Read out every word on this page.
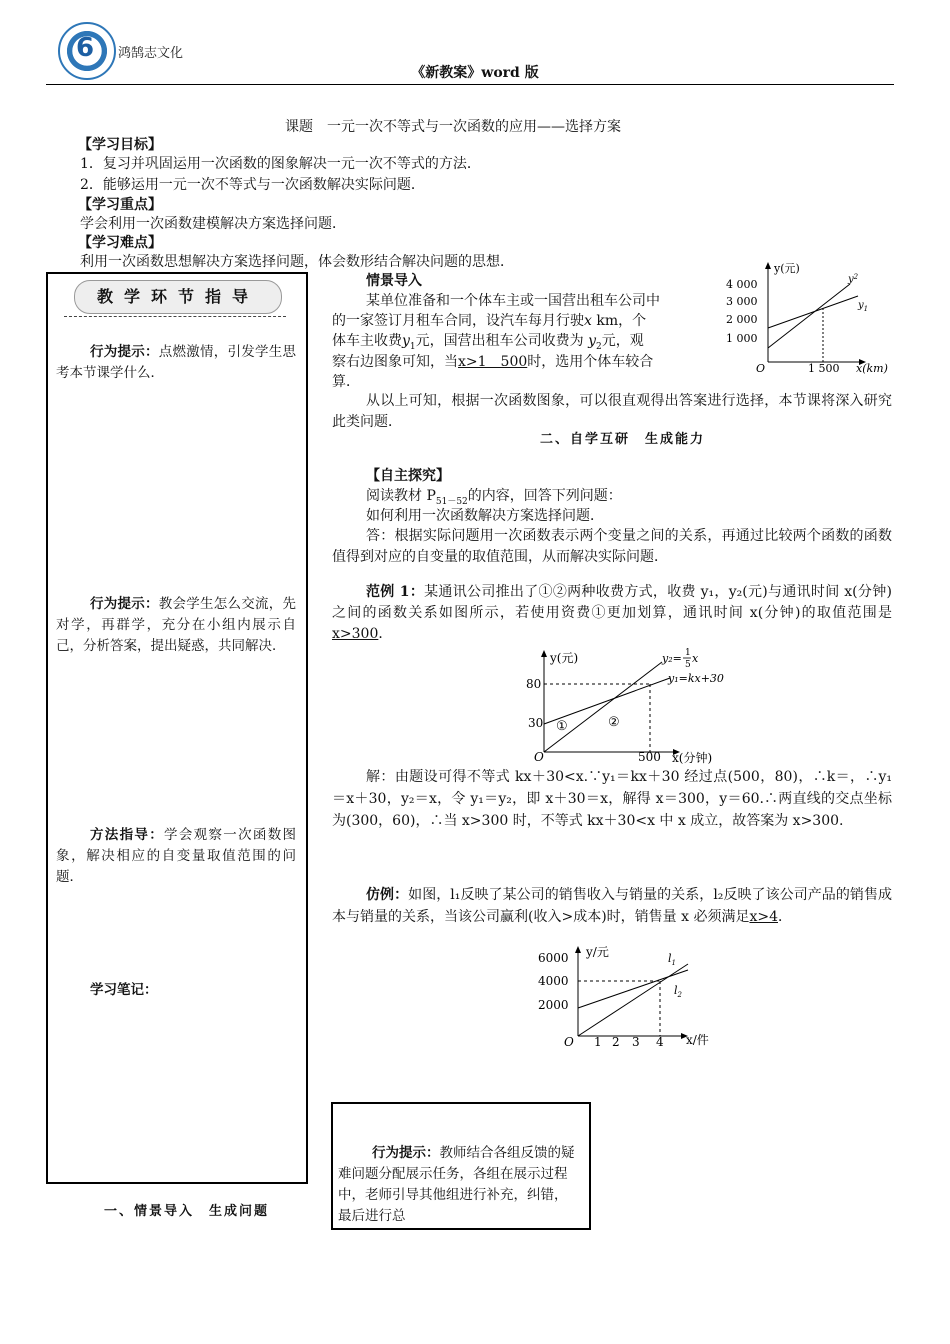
6 鸿鹄志文化
《新教案》word 版
课题　一元一次不等式与一次函数的应用——选择方案
【学习目标】
1．复习并巩固运用一次函数的图象解决一元一次不等式的方法．
2．能够运用一元一次不等式与一次函数解决实际问题．
【学习重点】
学会利用一次函数建模解决方案选择问题．
【学习难点】
利用一次函数思想解决方案选择问题，体会数形结合解决问题的思想．
教学环节指导
行为提示：点燃激情，引发学生思考本节课学什么．
行为提示：教会学生怎么交流，先对学，再群学，充分在小组内展示自己，分析答案，提出疑惑，共同解决．
方法指导：学会观察一次函数图象，解决相应的自变量取值范围的问题．
学习笔记：
一、情景导入　生成问题
情景导入
某单位准备和一个体车主或一国营出租车公司中
的一家签订月租车合同，设汽车每月行驶x km，个
体车主收费$y_1$元，国营出租车公司收费为 $y_2$元，观
察右边图象可知，当x>1　500时，选用个体车较合
算．
从以上可知，根据一次函数图象，可以很直观得出答案进行选择，本节课将深入研究此类问题．
二、自学互研　生成能力
y(元)
x(km)
O
4 000
3 000
2 000
1 000
1 500
$y^2$
$y_1$
【自主探究】
阅读教材 $P_{51-52}$的内容，回答下列问题：
如何利用一次函数解决方案选择问题．
答：根据实际问题用一次函数表示两个变量之间的关系，再通过比较两个函数的函数值得到对应的自变量的取值范围，从而解决实际问题．
范例 1：某通讯公司推出了①②两种收费方式，收费 y₁，y₂(元)与通讯时间 x(分钟)之间的函数关系如图所示，若使用资费①更加划算，通讯时间 x(分钟)的取值范围是x>300．
y(元)
x(分钟)
O
80
30
500
①	②
y₂= 1
5 x
y₁=kx+30
解：由题设可得不等式 kx＋30<x.∵y₁＝kx＋30 经过点(500，80)，∴k＝，∴y₁＝x＋30，y₂＝x，令 y₁＝y₂，即 x＋30＝x，解得 x＝300，y＝60.∴两直线的交点坐标为(300，60)，∴当 x>300 时，不等式 kx＋30<x 中 x 成立，故答案为 x>300.
仿例：如图，l₁反映了某公司的销售收入与销量的关系，l₂反映了该公司产品的销售成本与销量的关系，当该公司赢利(收入>成本)时，销售量 x 必须满足x>4．
y/元
x/件
O
6000
4000
2000
1 2 3 4
$l_1$
$l_2$
行为提示：教师结合各组反馈的疑难问题分配展示任务，各组在展示过程中，老师引导其他组进行补充，纠错，最后进行总
